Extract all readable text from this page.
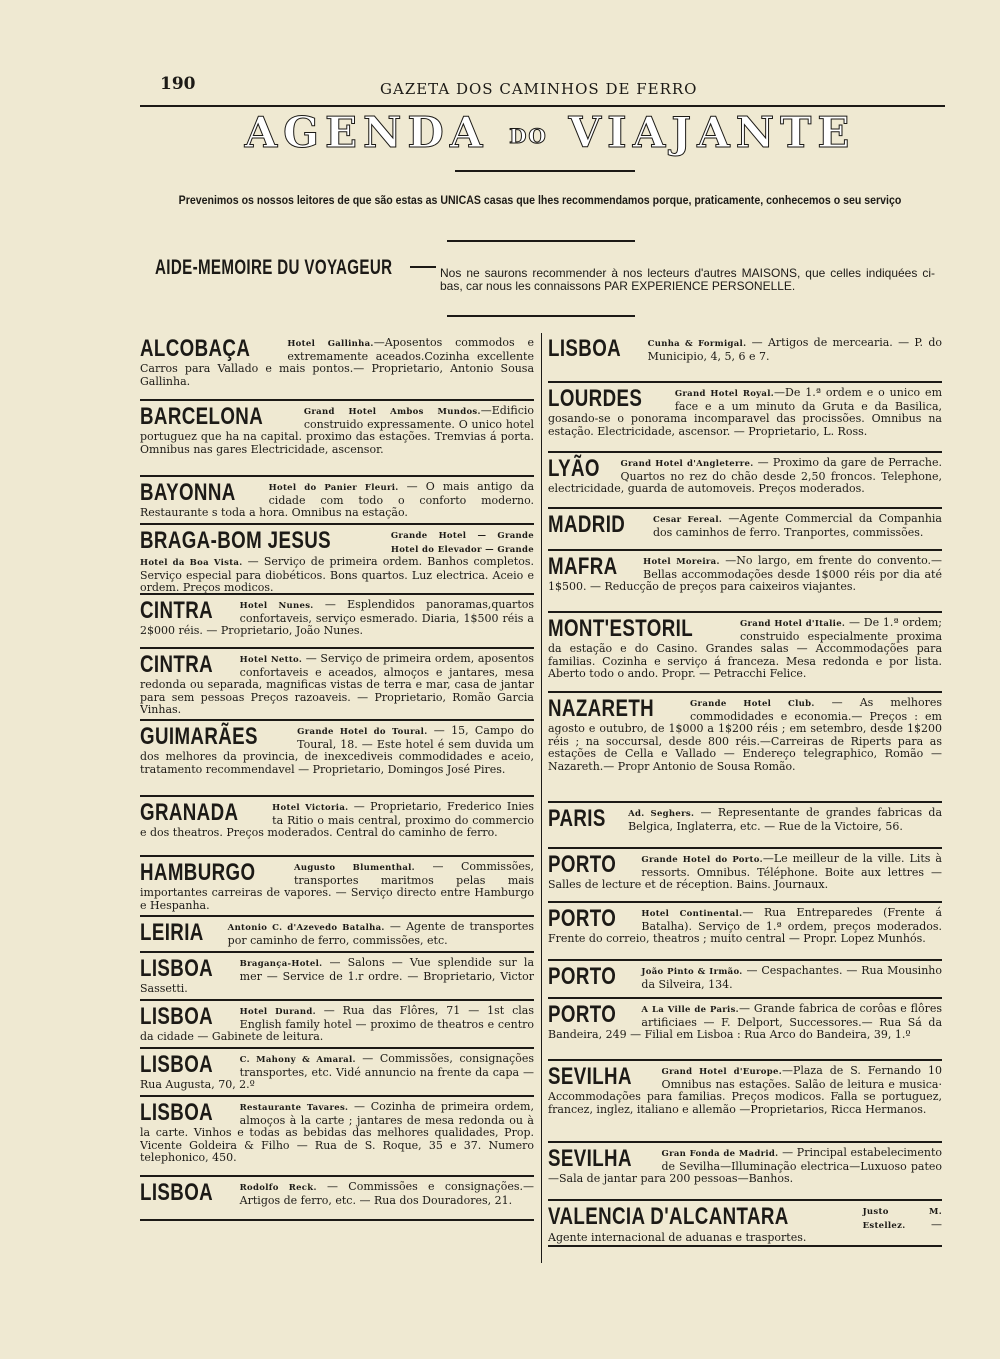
190	GAZETA DOS CAMINHOS DE FERRO
AGENDA DO VIAJANTE
Prevenimos os nossos leitores de que são estas as UNICAS casas que lhes recommendamos porque, praticamente, conhecemos o seu serviço
AIDE-MEMOIRE DU VOYAGEUR	Nos ne saurons recommender à nos lecteurs d'autres MAISONS, que celles indiquées ci-bas, car nous les connaissons PAR EXPERIENCE PERSONELLE.
ALCOBAÇA	Hotel Gallinha.—Aposentos commodos e extremamente aceados.Cozinha excellente Carros para Vallado e mais pontos.— Proprietario, Antonio Sousa Gallinha.
BARCELONA	Grand Hotel Ambos Mundos.—Edificio construido expressamente. O unico hotel portuguez que ha na capital. proximo das estações. Tremvias á porta. Omnibus nas gares Electricidade, ascensor.
BAYONNA	Hotel do Panier Fleuri. — O mais antigo da cidade com todo o conforto moderno. Restaurante s toda a hora. Omnibus na estação.
BRAGA-BOM JESUS	Grande Hotel — Grande Hotel do Elevador — Grande Hotel da Boa Vista. — Serviço de primeira ordem. Banhos completos. Serviço especial para diobéticos. Bons quartos. Luz electrica. Aceio e ordem. Preços modicos.
CINTRA	Hotel Nunes. — Esplendidos panoramas,quartos confortaveis, serviço esmerado. Diaria, 1$500 réis a 2$000 réis. — Proprietario, João Nunes.
CINTRA	Hotel Netto. — Serviço de primeira ordem, aposentos confortaveis e aceados, almoços e jantares, mesa redonda ou separada, magnificas vistas de terra e mar, casa de jantar para sem pessoas Preços razoaveis. — Proprietario, Romão Garcia Vinhas.
GUIMARÃES	Grande Hotel do Toural. — 15, Campo do Toural, 18. — Este hotel é sem duvida um dos melhores da provincia, de inexcediveis commodidades e aceio, tratamento recommendavel — Proprietario, Domingos José Pires.
GRANADA	Hotel Victoria. — Proprietario, Frederico Inies ta Ritio o mais central, proximo do commercio e dos theatros. Preços moderados. Central do caminho de ferro.
HAMBURGO	Augusto Blumenthal. — Commissões, transportes maritmos pelas mais importantes carreiras de vapores. — Serviço directo entre Hamburgo e Hespanha.
LEIRIA	Antonio C. d'Azevedo Batalha. — Agente de transportes por caminho de ferro, commissões, etc.
LISBOA	Bragança-Hotel. — Salons — Vue splendide sur la mer — Service de 1.r ordre. — Broprietario, Victor Sassetti.
LISBOA	Hotel Durand. — Rua das Flôres, 71 — 1st clas English family hotel — proximo de theatros e centro da cidade — Gabinete de leitura.
LISBOA	C. Mahony & Amaral. — Commissões, consignações transportes, etc. Vidé annuncio na frente da capa — Rua Augusta, 70, 2.º
LISBOA	Restaurante Tavares. — Cozinha de primeira ordem, almoços à la carte ; jantares de mesa redonda ou à la carte. Vinhos e todas as bebidas das melhores qualidades, Prop. Vicente Goldeira & Filho — Rua de S. Roque, 35 e 37. Numero telephonico, 450.
LISBOA	Rodolfo Reck. — Commissões e consignações.— Artigos de ferro, etc. — Rua dos Douradores, 21.
LISBOA	Cunha & Formigal. — Artigos de mercearia. — P. do Municipio, 4, 5, 6 e 7.
LOURDES	Grand Hotel Royal.—De 1.ª ordem e o unico em face e a um minuto da Gruta e da Basilica, gosando-se o ponorama incomparavel das procissões. Omnibus na estação. Electricidade, ascensor. — Proprietario, L. Ross.
LYÃO Grand Hotel d'Angleterre. — Proximo da gare de Perrache. Quartos no rez do chão desde 2,50 froncos. Telephone, electricidade, guarda de automoveis. Preços moderados.
MADRID	Cesar Fereal. —Agente Commercial da Companhia dos caminhos de ferro. Tranportes, commissões.
MAFRA	Hotel Moreira. —No largo, em frente do convento.— Bellas accommodações desde 1$000 réis por dia até 1$500. — Reducção de preços para caixeiros viajantes.
MONT'ESTORIL	Grand Hotel d'Italie. — De 1.ª ordem; construido especialmente proxima da estação e do Casino. Grandes salas — Accommodações para familias. Cozinha e serviço á franceza. Mesa redonda e por lista. Aberto todo o ando. Propr. — Petracchi Felice.
NAZARETH	Grande Hotel Club. — As melhores commodidades e economia.— Preços : em agosto e outubro, de 1$000 a 1$200 réis ; em setembro, desde 1$200 réis ; na soccursal, desde 800 réis.—Carreiras de Riperts para as estações de Cella e Vallado — Endereço telegraphico, Romão — Nazareth.— Propr Antonio de Sousa Romão.
PARIS	Ad. Seghers. — Representante de grandes fabricas da Belgica, Inglaterra, etc. — Rue de la Victoire, 56.
PORTO	Grande Hotel do Porto.—Le meilleur de la ville. Lits à ressorts. Omnibus. Téléphone. Boite aux lettres — Salles de lecture et de réception. Bains. Journaux.
PORTO	Hotel Continental.— Rua Entreparedes (Frente á Batalha). Serviço de 1.ª ordem, preços moderados. Frente do correio, theatros ; muito central — Propr. Lopez Munhós.
PORTO	João Pinto & Irmão. — Cespachantes. — Rua Mousinho da Silveira, 134.
PORTO	A La Ville de Paris.— Grande fabrica de corôas e flôres artificiaes — F. Delport, Successores.— Rua Sá da Bandeira, 249 — Filial em Lisboa : Rua Arco do Bandeira, 39, 1.º
SEVILHA	Grand Hotel d'Europe.—Plaza de S. Fernando 10 Omnibus nas estações. Salão de leitura e musica· Accommodações para familias. Preços modicos. Falla se portuguez, francez, inglez, italiano e allemão —Proprietarios, Ricca Hermanos.
SEVILHA	Gran Fonda de Madrid. — Principal estabelecimento de Sevilha—Illuminação electrica—Luxuoso pateo—Sala de jantar para 200 pessoas—Banhos.
VALENCIA D'ALCANTARA	Justo M. Estellez. — Agente internacional de aduanas e trasportes.
